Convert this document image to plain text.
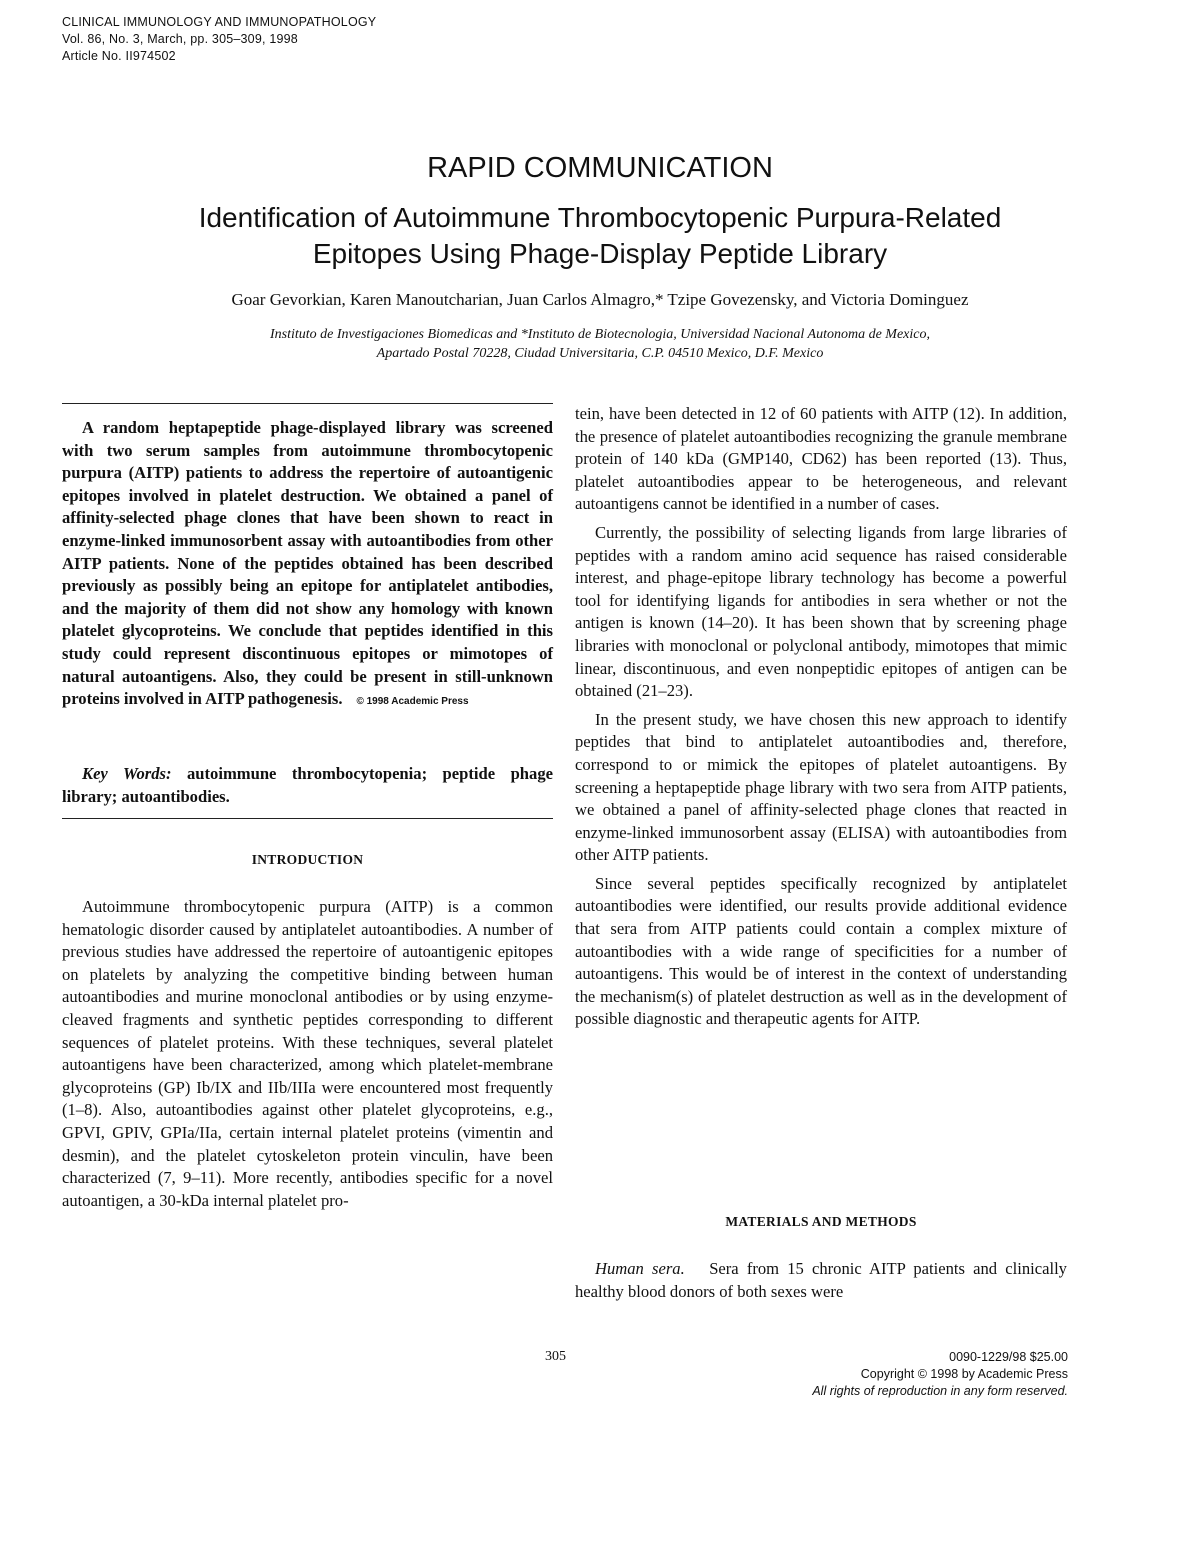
CLINICAL IMMUNOLOGY AND IMMUNOPATHOLOGY
Vol. 86, No. 3, March, pp. 305–309, 1998
Article No. II974502
RAPID COMMUNICATION
Identification of Autoimmune Thrombocytopenic Purpura-Related
Epitopes Using Phage-Display Peptide Library
Goar Gevorkian, Karen Manoutcharian, Juan Carlos Almagro,* Tzipe Govezensky, and Victoria Dominguez
Instituto de Investigaciones Biomedicas and *Instituto de Biotecnologia, Universidad Nacional Autonoma de Mexico,
Apartado Postal 70228, Ciudad Universitaria, C.P. 04510 Mexico, D.F. Mexico

A random heptapeptide phage-displayed library was screened with two serum samples from autoimmune thrombocytopenic purpura (AITP) patients to address the repertoire of autoantigenic epitopes involved in platelet destruction. We obtained a panel of affinity-selected phage clones that have been shown to react in enzyme-linked immunosorbent assay with autoantibodies from other AITP patients. None of the peptides obtained has been described previously as possibly being an epitope for antiplatelet antibodies, and the majority of them did not show any homology with known platelet glycoproteins. We conclude that peptides identified in this study could represent discontinuous epitopes or mimotopes of natural autoantigens. Also, they could be present in still-unknown proteins involved in AITP pathogenesis. © 1998 Academic Press

Key Words: autoimmune thrombocytopenia; peptide phage library; autoantibodies.

INTRODUCTION

Autoimmune thrombocytopenic purpura (AITP) is a common hematologic disorder caused by antiplatelet autoantibodies. A number of previous studies have addressed the repertoire of autoantigenic epitopes on platelets by analyzing the competitive binding between human autoantibodies and murine monoclonal antibodies or by using enzyme-cleaved fragments and synthetic peptides corresponding to different sequences of platelet proteins. With these techniques, several platelet autoantigens have been characterized, among which platelet-membrane glycoproteins (GP) Ib/IX and IIb/IIIa were encountered most frequently (1–8). Also, autoantibodies against other platelet glycoproteins, e.g., GPVI, GPIV, GPIa/IIa, certain internal platelet proteins (vimentin and desmin), and the platelet cytoskeleton protein vinculin, have been characterized (7, 9–11). More recently, antibodies specific for a novel autoantigen, a 30-kDa internal platelet pro-

tein, have been detected in 12 of 60 patients with AITP (12). In addition, the presence of platelet autoantibodies recognizing the granule membrane protein of 140 kDa (GMP140, CD62) has been reported (13). Thus, platelet autoantibodies appear to be heterogeneous, and relevant autoantigens cannot be identified in a number of cases.

Currently, the possibility of selecting ligands from large libraries of peptides with a random amino acid sequence has raised considerable interest, and phage-epitope library technology has become a powerful tool for identifying ligands for antibodies in sera whether or not the antigen is known (14–20). It has been shown that by screening phage libraries with monoclonal or polyclonal antibody, mimotopes that mimic linear, discontinuous, and even nonpeptidic epitopes of antigen can be obtained (21–23).

In the present study, we have chosen this new approach to identify peptides that bind to antiplatelet autoantibodies and, therefore, correspond to or mimick the epitopes of platelet autoantigens. By screening a heptapeptide phage library with two sera from AITP patients, we obtained a panel of affinity-selected phage clones that reacted in enzyme-linked immunosorbent assay (ELISA) with autoantibodies from other AITP patients.

Since several peptides specifically recognized by antiplatelet autoantibodies were identified, our results provide additional evidence that sera from AITP patients could contain a complex mixture of autoantibodies with a wide range of specificities for a number of autoantigens. This would be of interest in the context of understanding the mechanism(s) of platelet destruction as well as in the development of possible diagnostic and therapeutic agents for AITP.

MATERIALS AND METHODS

Human sera. Sera from 15 chronic AITP patients and clinically healthy blood donors of both sexes were

305	0090-1229/98 $25.00
Copyright © 1998 by Academic Press
All rights of reproduction in any form reserved.
